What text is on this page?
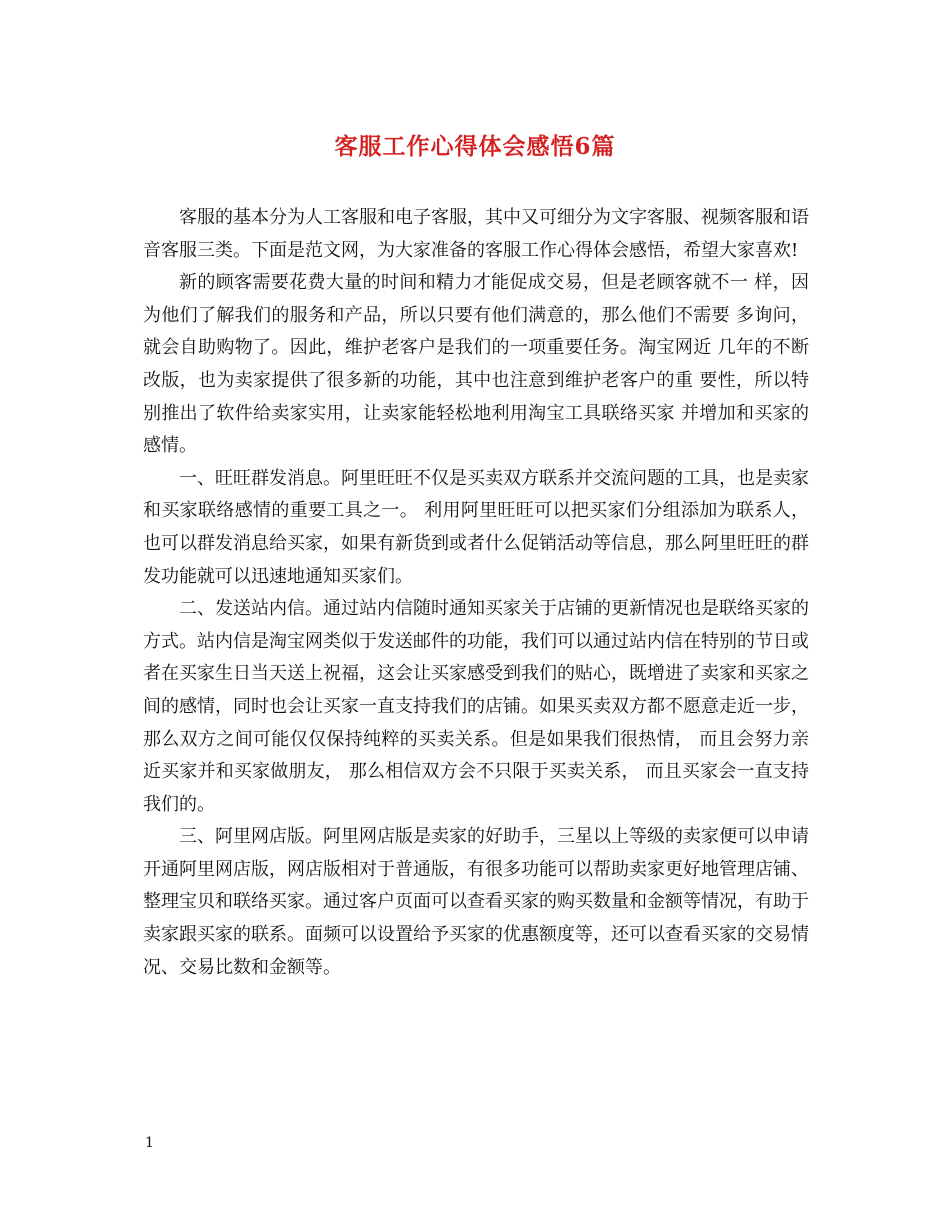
客服工作心得体会感悟6篇

客服的基本分为人工客服和电子客服，其中又可细分为文字客服、视频客服和语音客服三类。下面是范文网，为大家准备的客服工作心得体会感悟，希望大家喜欢!

新的顾客需要花费大量的时间和精力才能促成交易，但是老顾客就不一 样，因为他们了解我们的服务和产品，所以只要有他们满意的，那么他们不需要 多询问，就会自助购物了。因此，维护老客户是我们的一项重要任务。淘宝网近 几年的不断改版，也为卖家提供了很多新的功能，其中也注意到维护老客户的重 要性，所以特别推出了软件给卖家实用，让卖家能轻松地利用淘宝工具联络买家 并增加和买家的感情。

一、旺旺群发消息。阿里旺旺不仅是买卖双方联系并交流问题的工具，也是卖家和买家联络感情的重要工具之一。 利用阿里旺旺可以把买家们分组添加为联系人，也可以群发消息给买家，如果有新货到或者什么促销活动等信息，那么阿里旺旺的群发功能就可以迅速地通知买家们。

二、发送站内信。通过站内信随时通知买家关于店铺的更新情况也是联络买家的方式。站内信是淘宝网类似于发送邮件的功能，我们可以通过站内信在特别的节日或者在买家生日当天送上祝福，这会让买家感受到我们的贴心，既增进了卖家和买家之间的感情，同时也会让买家一直支持我们的店铺。如果买卖双方都不愿意走近一步，那么双方之间可能仅仅保持纯粹的买卖关系。但是如果我们很热情， 而且会努力亲近买家并和买家做朋友， 那么相信双方会不只限于买卖关系， 而且买家会一直支持我们的。

三、阿里网店版。阿里网店版是卖家的好助手，三星以上等级的卖家便可以申请开通阿里网店版，网店版相对于普通版，有很多功能可以帮助卖家更好地管理店铺、整理宝贝和联络买家。通过客户页面可以查看买家的购买数量和金额等情况，有助于卖家跟买家的联系。面频可以设置给予买家的优惠额度等，还可以查看买家的交易情况、交易比数和金额等。

1
